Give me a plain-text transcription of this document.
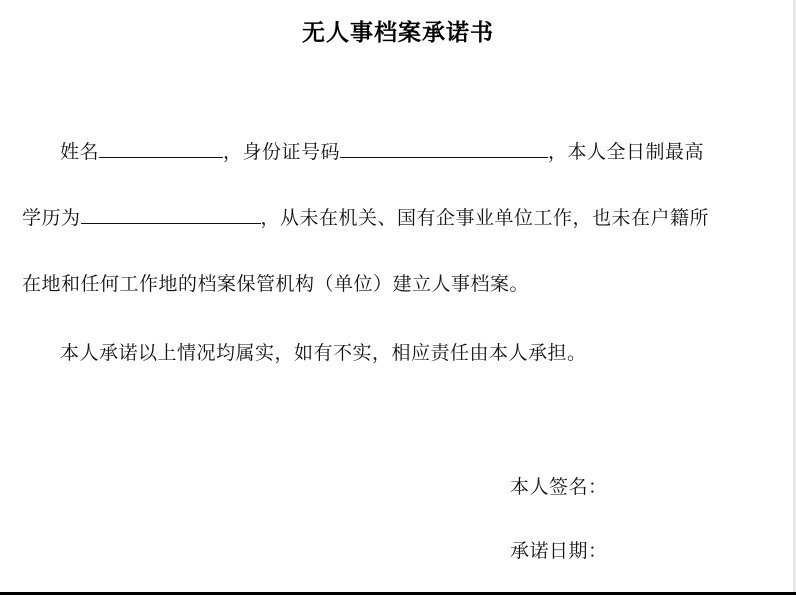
无人事档案承诺书
姓名	，身份证号码	，本人全日制最高
学历为	，从未在机关、国有企事业单位工作，也未在户籍所
在地和任何工作地的档案保管机构（单位）建立人事档案。
本人承诺以上情况均属实，如有不实，相应责任由本人承担。
本人签名：
承诺日期：
